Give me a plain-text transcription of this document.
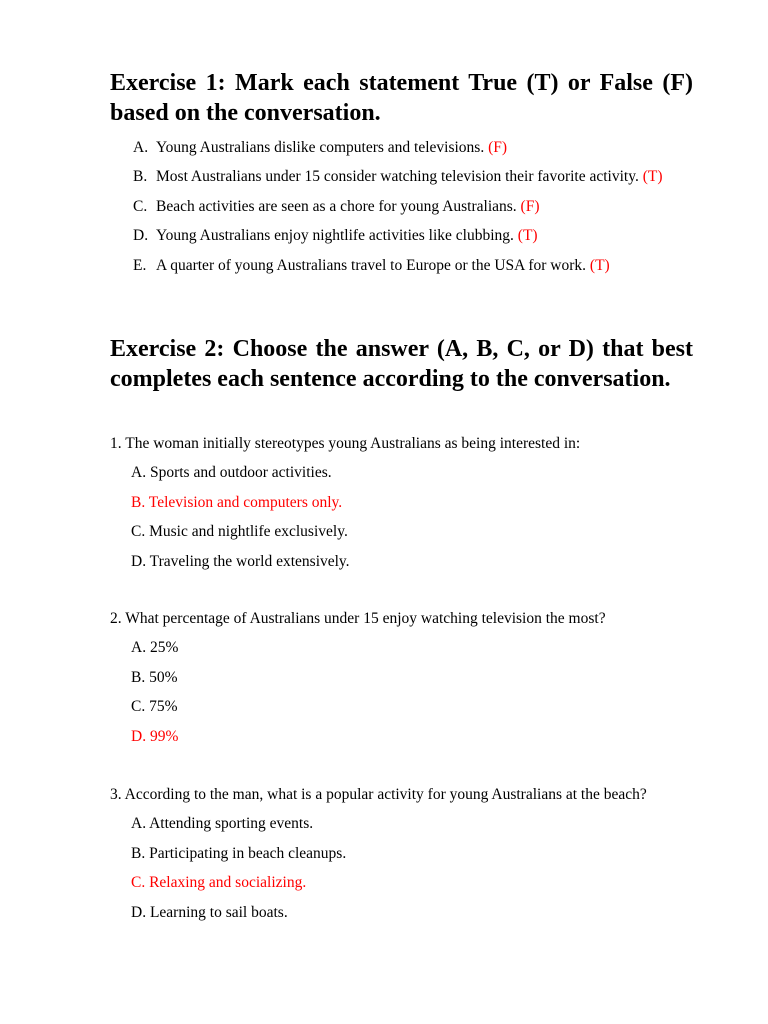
Exercise 1: Mark each statement True (T) or False (F) based on the conversation.
A. Young Australians dislike computers and televisions. (F)
B. Most Australians under 15 consider watching television their favorite activity. (T)
C. Beach activities are seen as a chore for young Australians. (F)
D. Young Australians enjoy nightlife activities like clubbing. (T)
E. A quarter of young Australians travel to Europe or the USA for work. (T)
Exercise 2: Choose the answer (A, B, C, or D) that best completes each sentence according to the conversation.

1. The woman initially stereotypes young Australians as being interested in:

A. Sports and outdoor activities.
B. Television and computers only.
C. Music and nightlife exclusively.
D. Traveling the world extensively.

2. What percentage of Australians under 15 enjoy watching television the most?

A. 25%
B. 50%
C. 75%
D. 99%

3. According to the man, what is a popular activity for young Australians at the beach?

A. Attending sporting events.
B. Participating in beach cleanups.
C. Relaxing and socializing.
D. Learning to sail boats.
